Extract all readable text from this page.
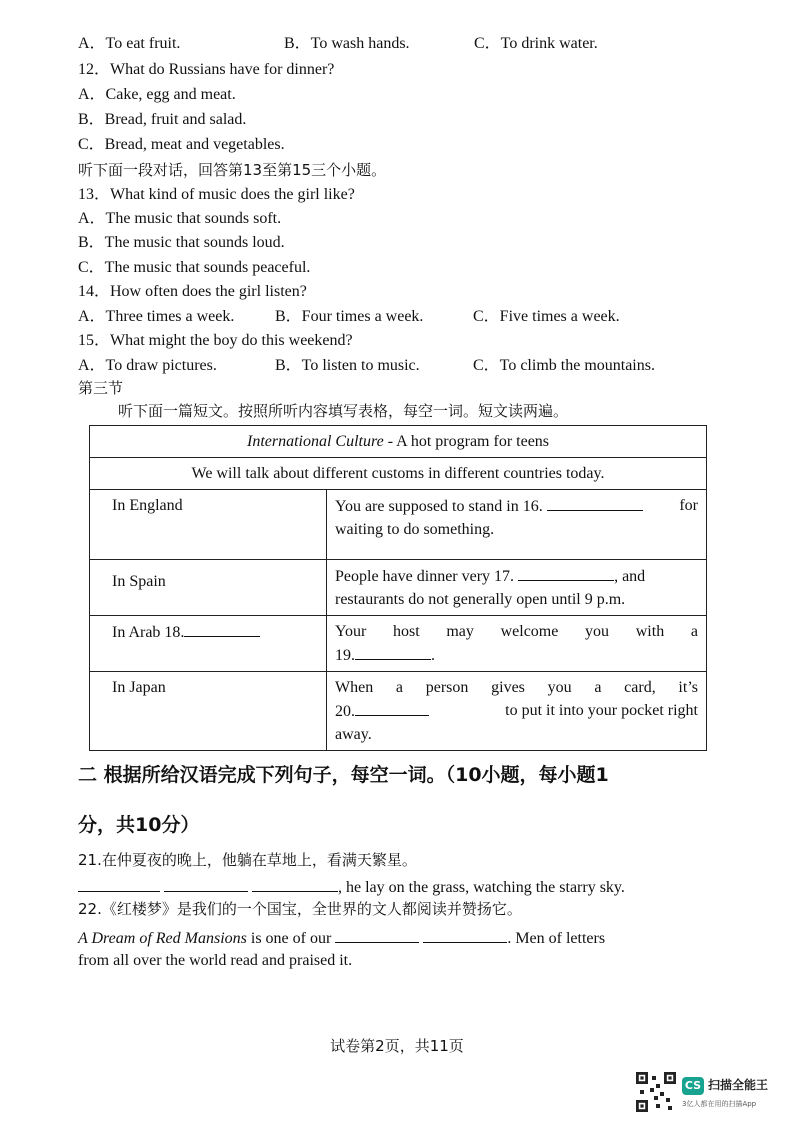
A．To eat fruit.	B．To wash hands.	C．To drink water.
12．What do Russians have for dinner?
A．Cake, egg and meat.
B．Bread, fruit and salad.
C．Bread, meat and vegetables.
听下面一段对话，回答第13至第15三个小题。
13．What kind of music does the girl like?
A．The music that sounds soft.
B．The music that sounds loud.
C．The music that sounds peaceful.
14．How often does the girl listen?
A．Three times a week.	B．Four times a week.	C．Five times a week.
15．What might the boy do this weekend?
A．To draw pictures.	B．To listen to music.	C．To climb the mountains.
第三节
听下面一篇短文。按照所听内容填写表格，每空一词。短文读两遍。
International Culture - A hot program for teens	
We will talk about different customs in different countries today.	
In England	You are supposed to stand in 16. for

waiting to do something.
In Spain	People have dinner very 17. , and
restaurants do not generally open until 9 p.m.
In Arab 18.	Your host may welcome you with a
19. .
In Japan	When a person gives you a card, it’s
20. to put it into your pocket right

away.
二 根据所给汉语完成下列句子，每空一词。（10小题，每小题1
分，共10分）
21.在仲夏夜的晚上，他躺在草地上，看满天繁星。
, he lay on the grass, watching the starry sky.
22.《红楼梦》是我们的一个国宝，全世界的文人都阅读并赞扬它。
A Dream of Red Mansions is one of our	. Men of letters
from all over the world read and praised it.
试卷第2页，共11页
CS 扫描全能王
3亿人都在用的扫描App
